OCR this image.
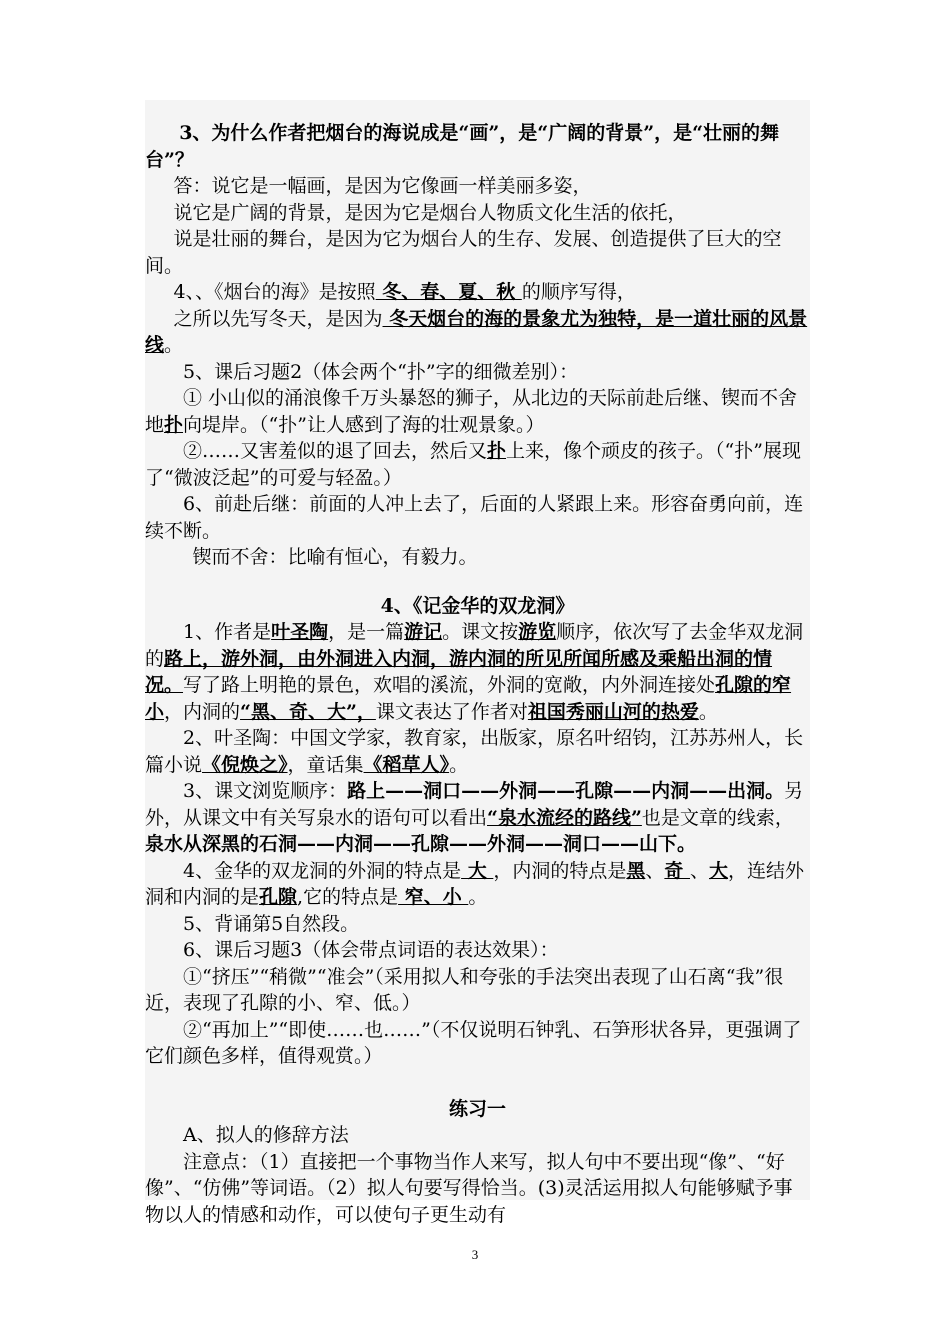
3、为什么作者把烟台的海说成是“画”，是“广阔的背景”，是“壮丽的舞台”？

答：说它是一幅画，是因为它像画一样美丽多姿，

说它是广阔的背景，是因为它是烟台人物质文化生活的依托，

说是壮丽的舞台，是因为它为烟台人的生存、发展、创造提供了巨大的空间。

4、、《烟台的海》是按照 冬、春、夏、秋 的顺序写得，

之所以先写冬天，是因为 冬天烟台的海的景象尤为独特，是一道壮丽的风景线。

5、课后习题2（体会两个“扑”字的细微差别）：

① 小山似的涌浪像千万头暴怒的狮子，从北边的天际前赴后继、锲而不舍地扑向堤岸。（“扑”让人感到了海的壮观景象。）

②……又害羞似的退了回去，然后又扑上来，像个顽皮的孩子。（“扑”展现了“微波泛起”的可爱与轻盈。）

6、前赴后继：前面的人冲上去了，后面的人紧跟上来。形容奋勇向前，连续不断。

锲而不舍：比喻有恒心，有毅力。

4、《记金华的双龙洞》

1、作者是叶圣陶，是一篇游记。课文按游览顺序，依次写了去金华双龙洞的路上，游外洞，由外洞进入内洞，游内洞的所见所闻所感及乘船出洞的情况。写了路上明艳的景色，欢唱的溪流，外洞的宽敞，内外洞连接处孔隙的窄小，内洞的“黑、奇、大”，课文表达了作者对祖国秀丽山河的热爱。

2、叶圣陶：中国文学家，教育家，出版家，原名叶绍钧，江苏苏州人，长篇小说《倪焕之》，童话集《稻草人》。

3、课文浏览顺序：路上——洞口——外洞——孔隙——内洞——出洞。另外，从课文中有关写泉水的语句可以看出“泉水流经的路线”也是文章的线索，泉水从深黑的石洞——内洞——孔隙——外洞——洞口——山下。

4、金华的双龙洞的外洞的特点是 大 ，内洞的特点是黑、奇 、大，连结外洞和内洞的是孔隙,它的特点是 窄、小 。

5、背诵第5自然段。

6、课后习题3（体会带点词语的表达效果）：

①“挤压”“稍微”“准会”（采用拟人和夸张的手法突出表现了山石离“我”很近，表现了孔隙的小、窄、低。）

②“再加上”“即使……也……”（不仅说明石钟乳、石笋形状各异，更强调了它们颜色多样，值得观赏。）

练习一

A、拟人的修辞方法

注意点：（1）直接把一个事物当作人来写，拟人句中不要出现“像”、“好像”、“仿佛”等词语。（2）拟人句要写得恰当。(3)灵活运用拟人句能够赋予事物以人的情感和动作，可以使句子更生动有

3
